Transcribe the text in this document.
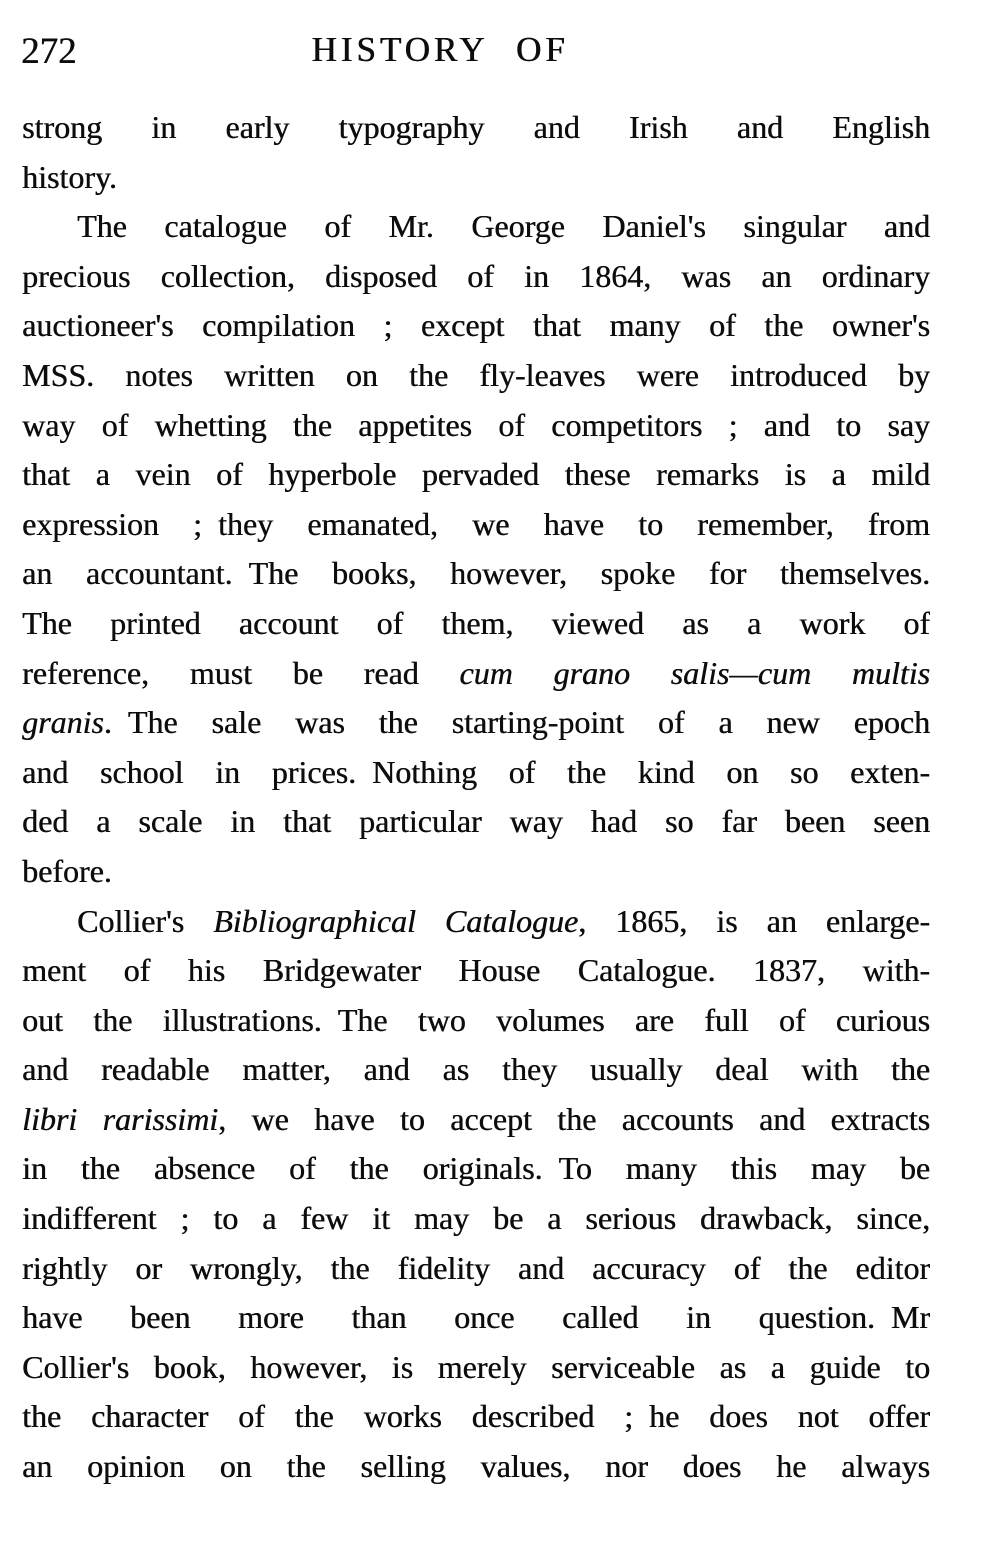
272	HISTORY OF
strong in early typography and Irish and English
history.
The catalogue of Mr. George Daniel's singular and
precious collection, disposed of in 1864, was an ordinary
auctioneer's compilation ; except that many of the owner's
MSS. notes written on the fly-leaves were introduced by
way of whetting the appetites of competitors ; and to say
that a vein of hyperbole pervaded these remarks is a mild
expression ; they emanated, we have to remember, from
an accountant. The books, however, spoke for themselves.
The printed account of them, viewed as a work of
reference, must be read cum grano salis—cum multis
granis. The sale was the starting-point of a new epoch
and school in prices. Nothing of the kind on so exten-
ded a scale in that particular way had so far been seen
before.
Collier's Bibliographical Catalogue, 1865, is an enlarge-
ment of his Bridgewater House Catalogue. 1837, with-
out the illustrations. The two volumes are full of curious
and readable matter, and as they usually deal with the
libri rarissimi, we have to accept the accounts and extracts
in the absence of the originals. To many this may be
indifferent ; to a few it may be a serious drawback, since,
rightly or wrongly, the fidelity and accuracy of the editor
have been more than once called in question. Mr
Collier's book, however, is merely serviceable as a guide to
the character of the works described ; he does not offer
an opinion on the selling values, nor does he always
